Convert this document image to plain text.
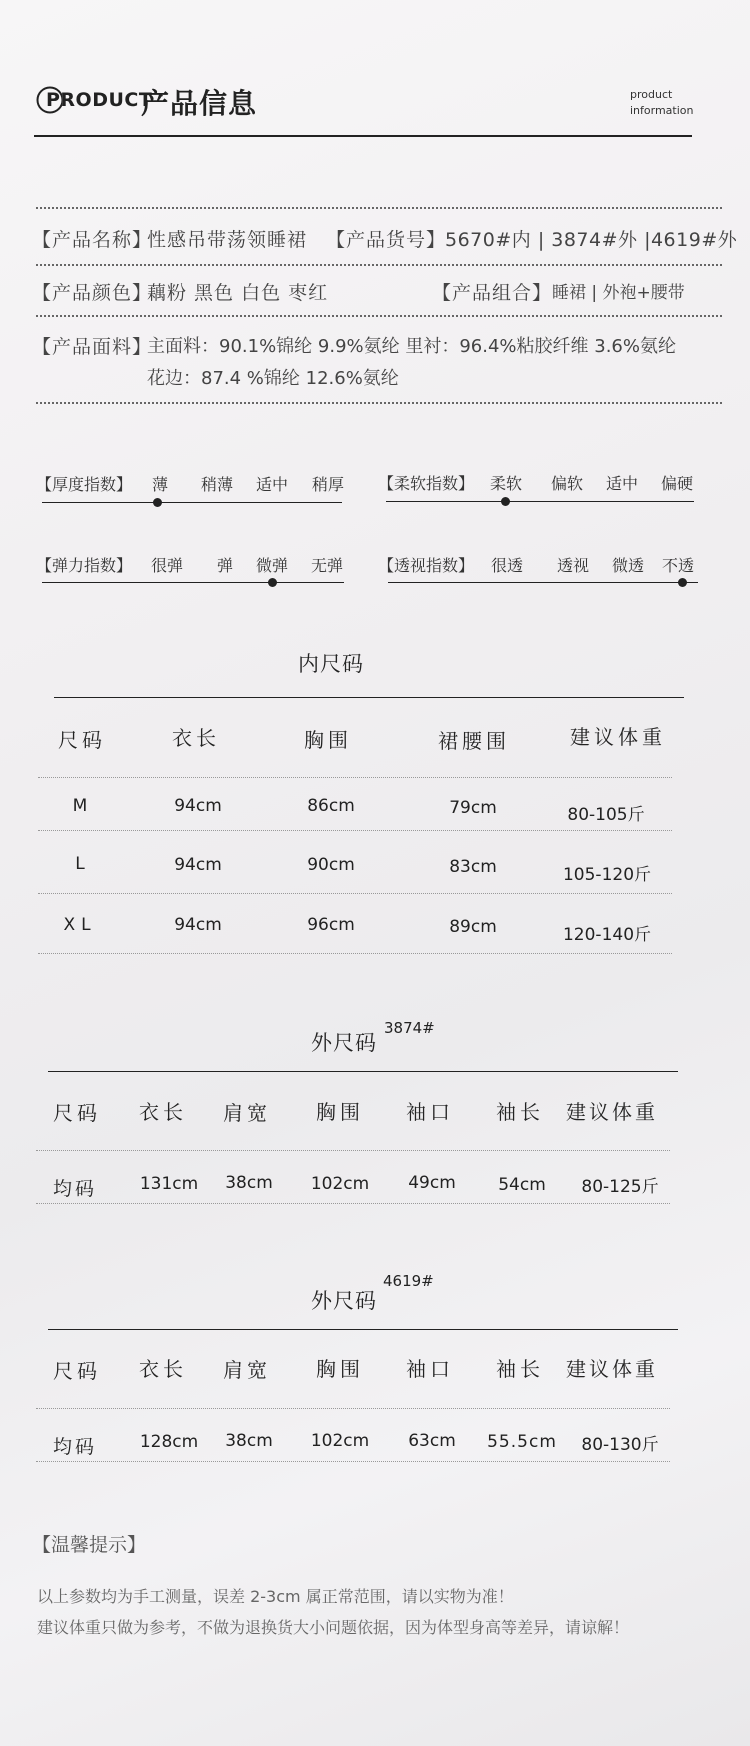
PRODUCT
产品信息	product
information
【产品名称】
性感吊带荡领睡裙 【产品货号】
5670#内 | 3874#外 |4619#外
【产品颜色】
藕粉 黑色 白色 枣红	【产品组合】 睡裙 | 外袍+腰带
【产品面料】
主面料：90.1%锦纶 9.9%氨纶 里衬：96.4%粘胶纤维 3.6%氨纶
花边：87.4 %锦纶 12.6%氨纶
【厚度指数】 薄 稍薄 适中 稍厚 【柔软指数】 柔软 偏软 适中 偏硬
【弹力指数】 很弹 弹 微弹 无弹 【透视指数】 很透 透视 微透 不透
内尺码
尺码	衣长	胸围	裙腰围	建议体重
M	94cm	86cm	79cm	80-105斤
L	94cm	90cm	83cm	105-120斤
XL	94cm	96cm	89cm	120-140斤
外尺码
3874#
尺码 衣长 肩宽 胸围 袖口 袖长 建议体重
均码	131cm 38cm 102cm 49cm 54cm 80-125斤
外尺码
4619#
尺码 衣长 肩宽 胸围 袖口 袖长 建议体重
均码	128cm 38cm 102cm 63cm 55.5cm 80-130斤
【温馨提示】
以上参数均为手工测量，误差 2-3cm 属正常范围，请以实物为准！
建议体重只做为参考，不做为退换货大小问题依据，因为体型身高等差异，请谅解！
